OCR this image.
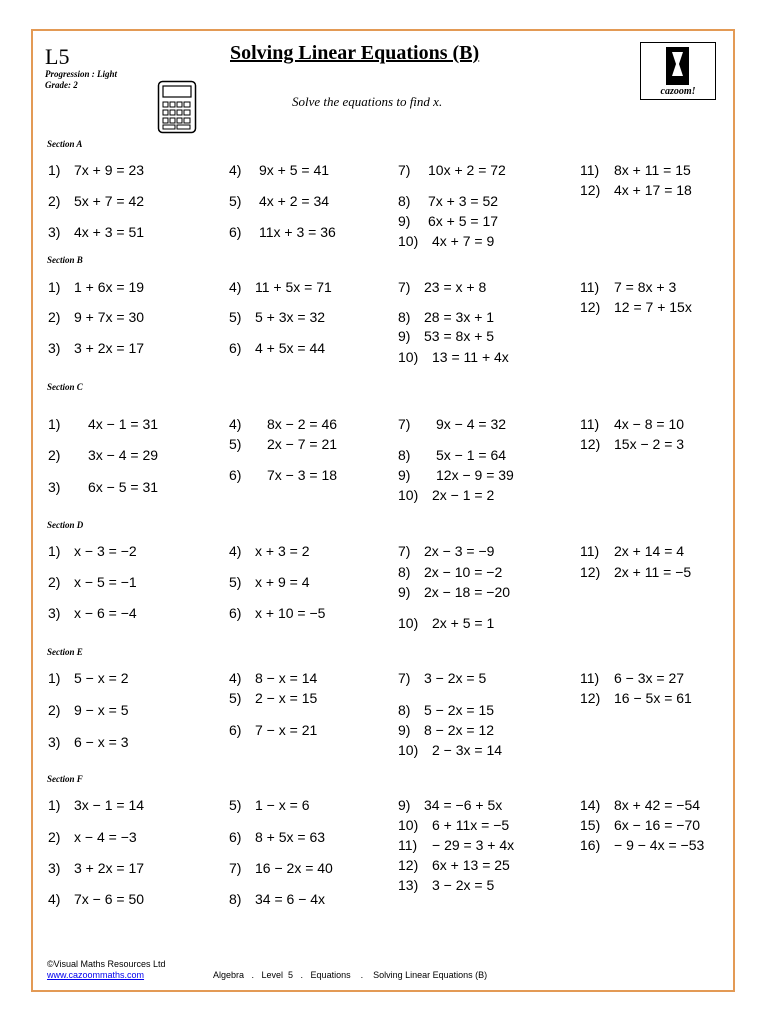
L5
Progression : Light
Grade: 2
Solving Linear Equations (B)
Solve the equations to find x.
cazoom!
Section A
1) 7x + 9 = 23
2) 5x + 7 = 42
3) 4x + 3 = 51
4) 9x + 5 = 41
5) 4x + 2 = 34
6) 11x + 3 = 36
7) 10x + 2 = 72
8) 7x + 3 = 52
9) 6x + 5 = 17
10) 4x + 7 = 9
11) 8x + 11 = 15
12) 4x + 17 = 18
Section B
1) 1 + 6x = 19
2) 9 + 7x = 30
3) 3 + 2x = 17
4) 11 + 5x = 71
5) 5 + 3x = 32
6) 4 + 5x = 44
7) 23 = x + 8
8) 28 = 3x + 1
9) 53 = 8x + 5
10) 13 = 11 + 4x
11) 7 = 8x + 3
12) 12 = 7 + 15x
Section C
1) 4x − 1 = 31
2) 3x − 4 = 29
3) 6x − 5 = 31
4) 8x − 2 = 46
5) 2x − 7 = 21
6) 7x − 3 = 18
7) 9x − 4 = 32
8) 5x − 1 = 64
9) 12x − 9 = 39
10) 2x − 1 = 2
11) 4x − 8 = 10
12) 15x − 2 = 3
Section D
1) x − 3 = −2
2) x − 5 = −1
3) x − 6 = −4
4) x + 3 = 2
5) x + 9 = 4
6) x + 10 = −5
7) 2x − 3 = −9
8) 2x − 10 = −2
9) 2x − 18 = −20
10) 2x + 5 = 1
11) 2x + 14 = 4
12) 2x + 11 = −5
Section E
1) 5 − x = 2
2) 9 − x = 5
3) 6 − x = 3
4) 8 − x = 14
5) 2 − x = 15
6) 7 − x = 21
7) 3 − 2x = 5
8) 5 − 2x = 15
9) 8 − 2x = 12
10) 2 − 3x = 14
11) 6 − 3x = 27
12) 16 − 5x = 61
Section F
1) 3x − 1 = 14
2) x − 4 = −3
3) 3 + 2x = 17
4) 7x − 6 = 50
5) 1 − x = 6
6) 8 + 5x = 63
7) 16 − 2x = 40
8) 34 = 6 − 4x
9) 34 = −6 + 5x
10) 6 + 11x = −5
11) − 29 = 3 + 4x
12) 6x + 13 = 25
13) 3 − 2x = 5
14) 8x + 42 = −54
15) 6x − 16 = −70
16) − 9 − 4x = −53
©Visual Maths Resources Ltd
www.cazoommaths.com	Algebra   .   Level  5   .   Equations    .    Solving Linear Equations (B)
